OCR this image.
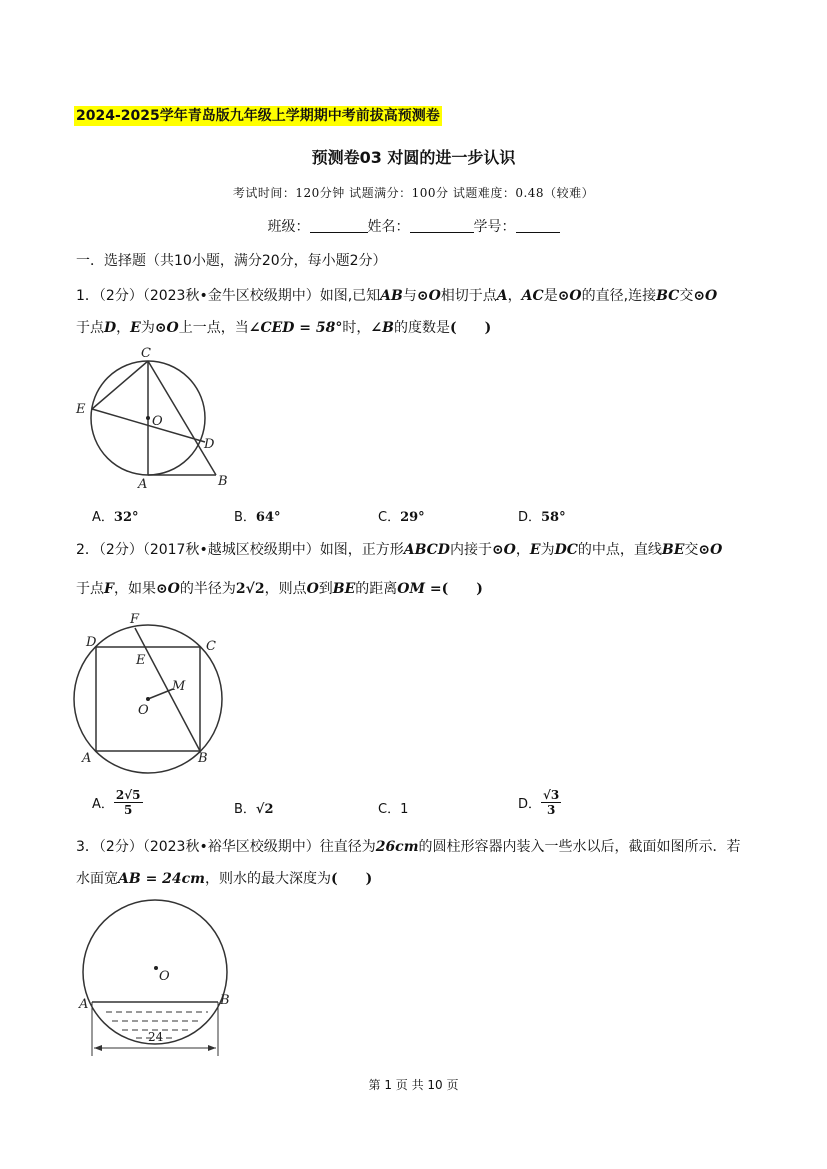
2024-2025学年青岛版九年级上学期期中考前拔高预测卷
预测卷03 对圆的进一步认识
考试时间：120分钟 试题满分：100分 试题难度：0.48（较难）
班级：	姓名：	学号：
一．选择题（共10小题，满分20分，每小题2分）
1．（2分）（2023秋•金牛区校级期中）如图,已知AB与⊙O相切于点A，AC是⊙O的直径,连接BC交⊙O
于点D，E为⊙O上一点，当∠CED = 58°时，∠B的度数是(　　)
C
E
O
D
A	B
A．32°	B．64°	C．29°	D．58°
2．（2分）（2017秋•越城区校级期中）如图，正方形ABCD内接于⊙O，E为DC的中点，直线BE交⊙O
于点F，如果⊙O的半径为2√2，则点O到BE的距离OM =(　　)
F
D	C
E
M
O
A	B
A． $\frac{2√5}{5}$	B．√2	C．1	D． $\frac{√3}{3}$
3．（2分）（2023秋•裕华区校级期中）往直径为26cm的圆柱形容器内装入一些水以后，截面如图所示．若
水面宽AB = 24cm，则水的最大深度为(　　)
O
A	B
24
第 1 页 共 10 页
